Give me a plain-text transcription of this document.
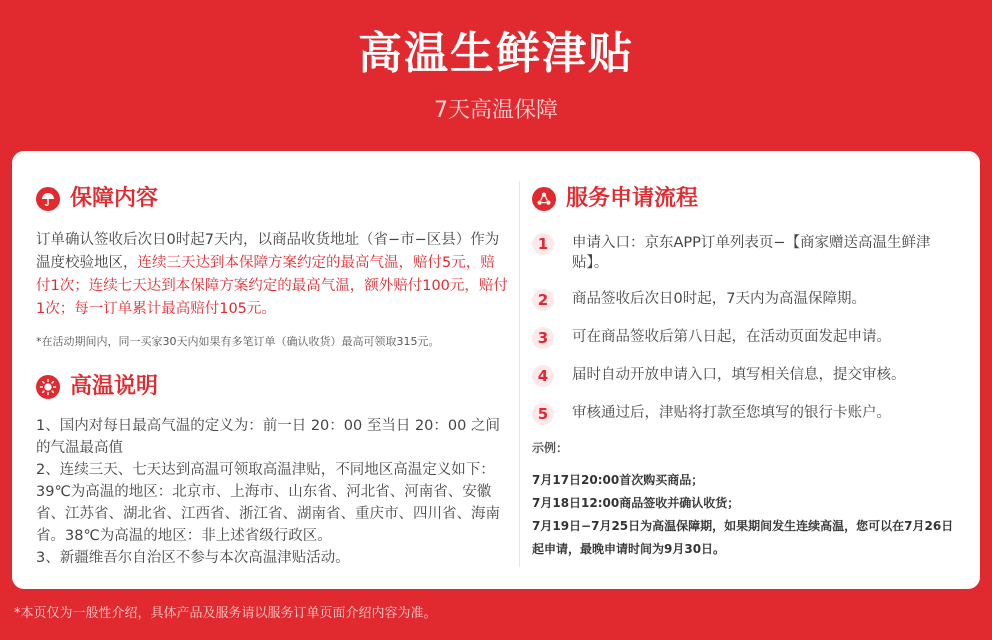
高温生鲜津贴
7天高温保障
保障内容
订单确认签收后次日0时起7天内，以商品收货地址（省−市−区县）作为温度校验地区，连续三天达到本保障方案约定的最高气温，赔付5元，赔付1次；连续七天达到本保障方案约定的最高气温，额外赔付100元，赔付1次；每一订单累计最高赔付105元。
*在活动期间内，同一买家30天内如果有多笔订单（确认收货）最高可领取315元。
高温说明

1、国内对每日最高气温的定义为：前一日 20：00 至当日 20：00 之间的气温最高值

2、连续三天、七天达到高温可领取高温津贴，不同地区高温定义如下：39℃为高温的地区：北京市、上海市、山东省、河北省、河南省、安徽省、江苏省、湖北省、江西省、浙江省、湖南省、重庆市、四川省、海南省。38℃为高温的地区：非上述省级行政区。

3、新疆维吾尔自治区不参与本次高温津贴活动。

服务申请流程
1	申请入口：京东APP订单列表页−【商家赠送高温生鲜津贴】。
2	商品签收后次日0时起，7天内为高温保障期。
3	可在商品签收后第八日起，在活动页面发起申请。
4	届时自动开放申请入口，填写相关信息，提交审核。
5	审核通过后，津贴将打款至您填写的银行卡账户。
示例：

7月17日20:00首次购买商品；

7月18日12:00商品签收并确认收货；

7月19日−7月25日为高温保障期，如果期间发生连续高温，您可以在7月26日起申请，最晚申请时间为9月30日。

*本页仅为一般性介绍，具体产品及服务请以服务订单页面介绍内容为准。
